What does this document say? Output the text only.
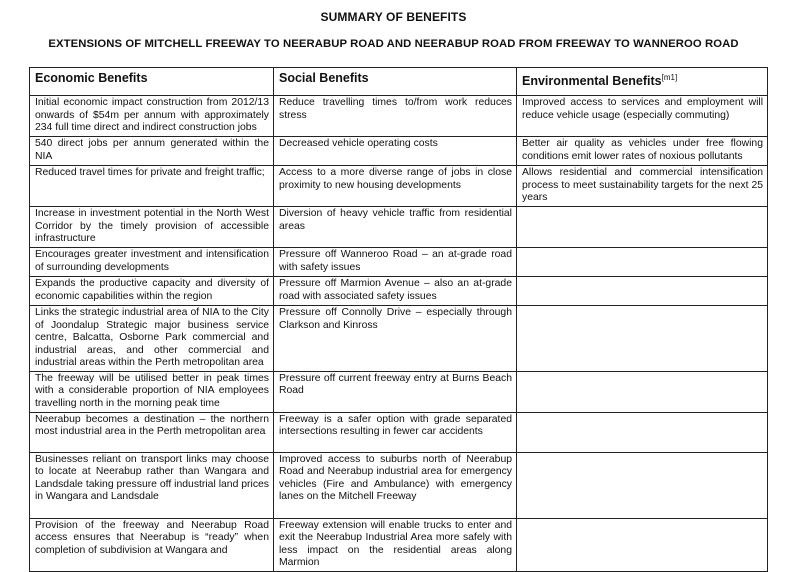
SUMMARY OF BENEFITS
EXTENSIONS OF MITCHELL FREEWAY TO NEERABUP ROAD AND NEERABUP ROAD FROM FREEWAY TO WANNEROO ROAD
Economic Benefits	Social Benefits	Environmental Benefits[m1]
Initial economic impact construction from 2012/13 onwards of $54m per annum with approximately 234 full time direct and indirect construction jobs	Reduce travelling times to/from work reduces stress	Improved access to services and employment will reduce vehicle usage (especially commuting)
540 direct jobs per annum generated within the NIA	Decreased vehicle operating costs	Better air quality as vehicles under free flowing conditions emit lower rates of noxious pollutants
Reduced travel times for private and freight traffic;	Access to a more diverse range of jobs in close proximity to new housing developments	Allows residential and commercial intensification process to meet sustainability targets for the next 25 years
Increase in investment potential in the North West Corridor by the timely provision of accessible infrastructure	Diversion of heavy vehicle traffic from residential areas	
Encourages greater investment and intensification of surrounding developments	Pressure off Wanneroo Road – an at-grade road with safety issues	
Expands the productive capacity and diversity of economic capabilities within the region	Pressure off Marmion Avenue – also an at-grade road with associated safety issues	
Links the strategic industrial area of NIA to the City of Joondalup Strategic major business service centre, Balcatta, Osborne Park commercial and industrial areas, and other commercial and industrial areas within the Perth metropolitan area	Pressure off Connolly Drive – especially through Clarkson and Kinross	
The freeway will be utilised better in peak times with a considerable proportion of NIA employees travelling north in the morning peak time	Pressure off current freeway entry at Burns Beach Road	
Neerabup becomes a destination – the northern most industrial area in the Perth metropolitan area	Freeway is a safer option with grade separated intersections resulting in fewer car accidents	
Businesses reliant on transport links may choose to locate at Neerabup rather than Wangara and Landsdale taking pressure off industrial land prices in Wangara and Landsdale	Improved access to suburbs north of Neerabup Road and Neerabup industrial area for emergency vehicles (Fire and Ambulance) with emergency lanes on the Mitchell Freeway	
Provision of the freeway and Neerabup Road access ensures that Neerabup is “ready” when completion of subdivision at Wangara and	Freeway extension will enable trucks to enter and exit the Neerabup Industrial Area more safely with less impact on the residential areas along Marmion	
